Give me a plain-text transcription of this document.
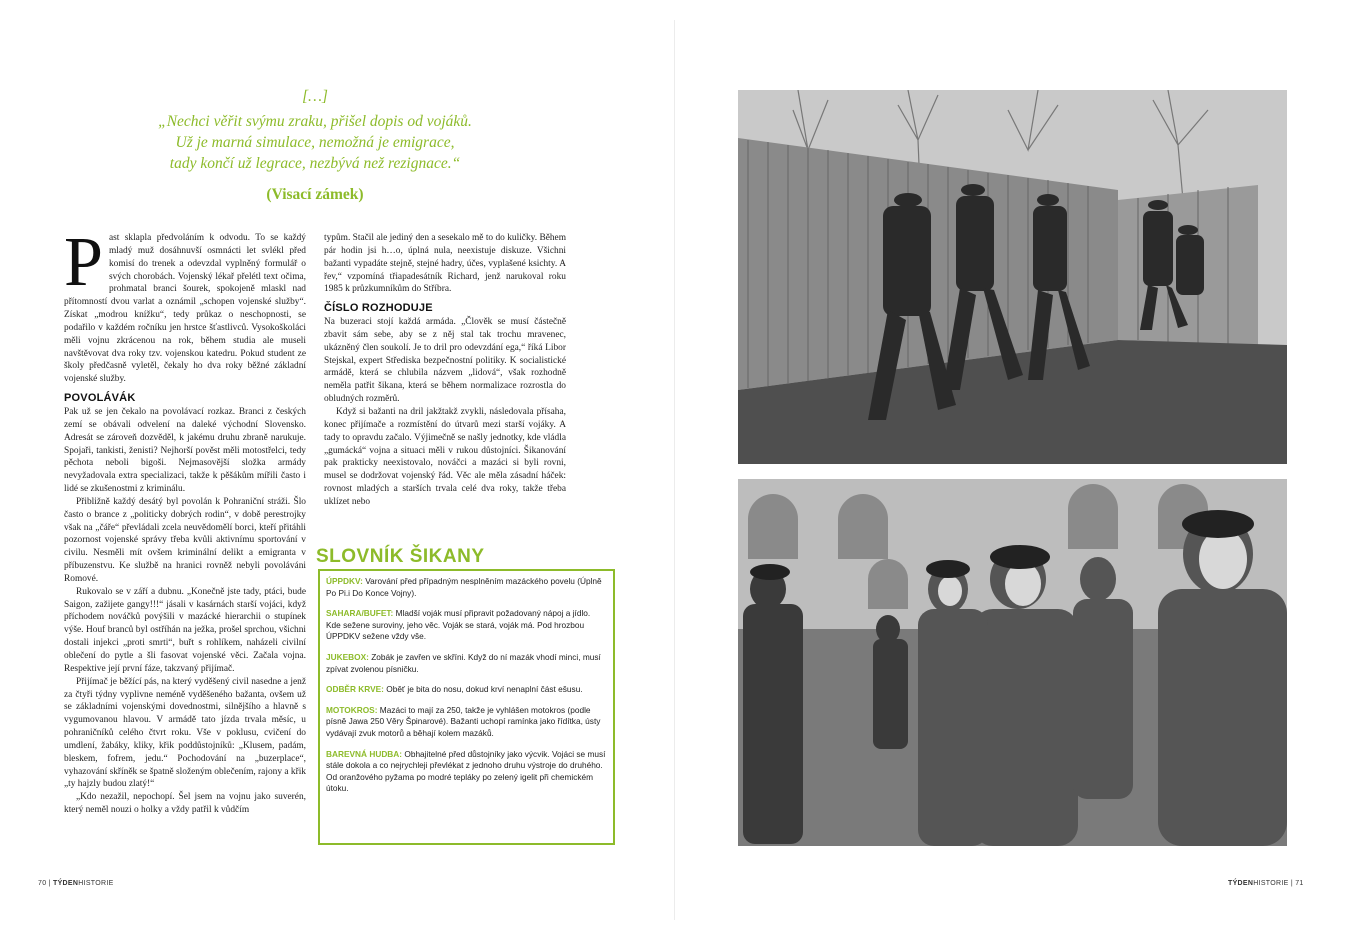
[…]
„Nechci věřit svýmu zraku, přišel dopis od vojáků.
Už je marná simulace, nemožná je emigrace,
tady končí už legrace, nezbývá než rezignace.“
(Visací zámek)

Past sklapla předvoláním k odvodu. To se každý mladý muž dosáhnuvší osmnácti let svlékl před komisí do trenek a odevzdal vyplněný formulář o svých chorobách. Vojenský lékař přelétl text očima, prohmatal branci šourek, spokojeně mlaskl nad přítomností dvou varlat a oznámil „schopen vojenské služby“. Získat „modrou knížku“, tedy průkaz o neschopnosti, se podařilo v každém ročníku jen hrstce šťastlivců. Vysokoškoláci měli vojnu zkrácenou na rok, během studia ale museli navštěvovat dva roky tzv. vojenskou katedru. Pokud student ze školy předčasně vyletěl, čekaly ho dva roky běžné základní vojenské služby.

POVOLÁVÁK

Pak už se jen čekalo na povolávací rozkaz. Branci z českých zemí se obávali odvelení na daleké východní Slovensko. Adresát se zároveň dozvěděl, k jakému druhu zbraně narukuje. Spojaři, tankisti, ženisti? Nejhorší pověst měli motostřelci, tedy pěchota neboli bigoši. Nejmasovější složka armády nevyžadovala extra specializaci, takže k pěšákům mířili často i lidé se zkušenostmi z kriminálu.

Přibližně každý desátý byl povolán k Pohraniční stráži. Šlo často o brance z „politicky dobrých rodin“, v době perestrojky však na „čáře“ převládali zcela neuvědomělí borci, kteří přitáhli pozornost vojenské správy třeba kvůli aktivnímu sportování v civilu. Nesměli mít ovšem kriminální delikt a emigranta v příbuzenstvu. Ke službě na hranici rovněž nebyli povoláváni Romové.

Rukovalo se v září a dubnu. „Konečně jste tady, ptáci, bude Saigon, zažijete gangy!!!“ jásali v kasárnách starší vojáci, když příchodem nováčků povýšili v mazácké hierarchii o stupínek výše. Houf branců byl ostříhán na ježka, prošel sprchou, všichni dostali injekci „proti smrti“, buřt s rohlíkem, naházeli civilní oblečení do pytle a šli fasovat vojenské věci. Začala vojna. Respektive její první fáze, takzvaný přijímač.

Přijímač je běžící pás, na který vyděšený civil nasedne a jenž za čtyři týdny vyplivne neméně vyděšeného bažanta, ovšem už se základními vojenskými dovednostmi, silnějšího a hlavně s vygumovanou hlavou. V armádě tato jízda trvala měsíc, u pohraničníků celého čtvrt roku. Vše v poklusu, cvičení do umdlení, žabáky, kliky, křik poddůstojníků: „Klusem, padám, bleskem, fofrem, jedu.“ Pochodování na „buzerplace“, vyhazování skříněk se špatně složeným oblečením, rajony a křik „ty hajzly budou zlatý!“

„Kdo nezažil, nepochopí. Šel jsem na vojnu jako suverén, který neměl nouzi o holky a vždy patřil k vůdčím

typům. Stačil ale jediný den a sesekalo mě to do kuličky. Během pár hodin jsi h…o, úplná nula, neexistuje diskuze. Všichni bažanti vypadáte stejně, stejné hadry, účes, vyplašené ksichty. A řev,“ vzpomíná třiapadesátník Richard, jenž narukoval roku 1985 k průzkumníkům do Stříbra.

ČÍSLO ROZHODUJE

Na buzeraci stojí každá armáda. „Člověk se musí částečně zbavit sám sebe, aby se z něj stal tak trochu mravenec, ukázněný člen soukolí. Je to dril pro odevzdání ega,“ říká Libor Stejskal, expert Střediska bezpečnostní politiky. K socialistické armádě, která se chlubila názvem „lidová“, však rozhodně neměla patřit šikana, která se během normalizace rozrostla do obludných rozměrů.

Když si bažanti na dril jakžtakž zvykli, následovala přísaha, konec přijímače a rozmístění do útvarů mezi starší vojáky. A tady to opravdu začalo. Výjimečně se našly jednotky, kde vládla „gumácká“ vojna a situaci měli v rukou důstojníci. Šikanování pak prakticky neexistovalo, nováčci a mazáci si byli rovni, musel se dodržovat vojenský řád. Věc ale měla zásadní háček: rovnost mladých a starších trvala celé dva roky, takže třeba uklízet nebo

SLOVNÍK ŠIKANY
ÚPPDKV: Varování před případným nesplněním mazáckého povelu (Úplně Po Pi.i Do Konce Vojny).
SAHARA/BUFET: Mladší voják musí připravit požadovaný nápoj a jídlo. Kde sežene suroviny, jeho věc. Voják se stará, voják má. Pod hrozbou ÚPPDKV sežene vždy vše.
JUKEBOX: Zobák je zavřen ve skříni. Když do ní mazák vhodí minci, musí zpívat zvolenou písničku.
ODBĚR KRVE: Oběť je bita do nosu, dokud krví nenaplní část ešusu.
MOTOKROS: Mazáci to mají za 250, takže je vyhlášen motokros (podle písně Jawa 250 Věry Špinarové). Bažanti uchopí ramínka jako řídítka, ústy vydávají zvuk motorů a běhají kolem mazáků.
BAREVNÁ HUDBA: Obhajitelné před důstojníky jako výcvik. Vojáci se musí stále dokola a co nejrychleji převlékat z jednoho druhu výstroje do druhého. Od oranžového pyžama po modré tepláky po zelený igelit při chemickém útoku.
70 | TÝDENHISTORIE	TÝDENHISTORIE | 71
